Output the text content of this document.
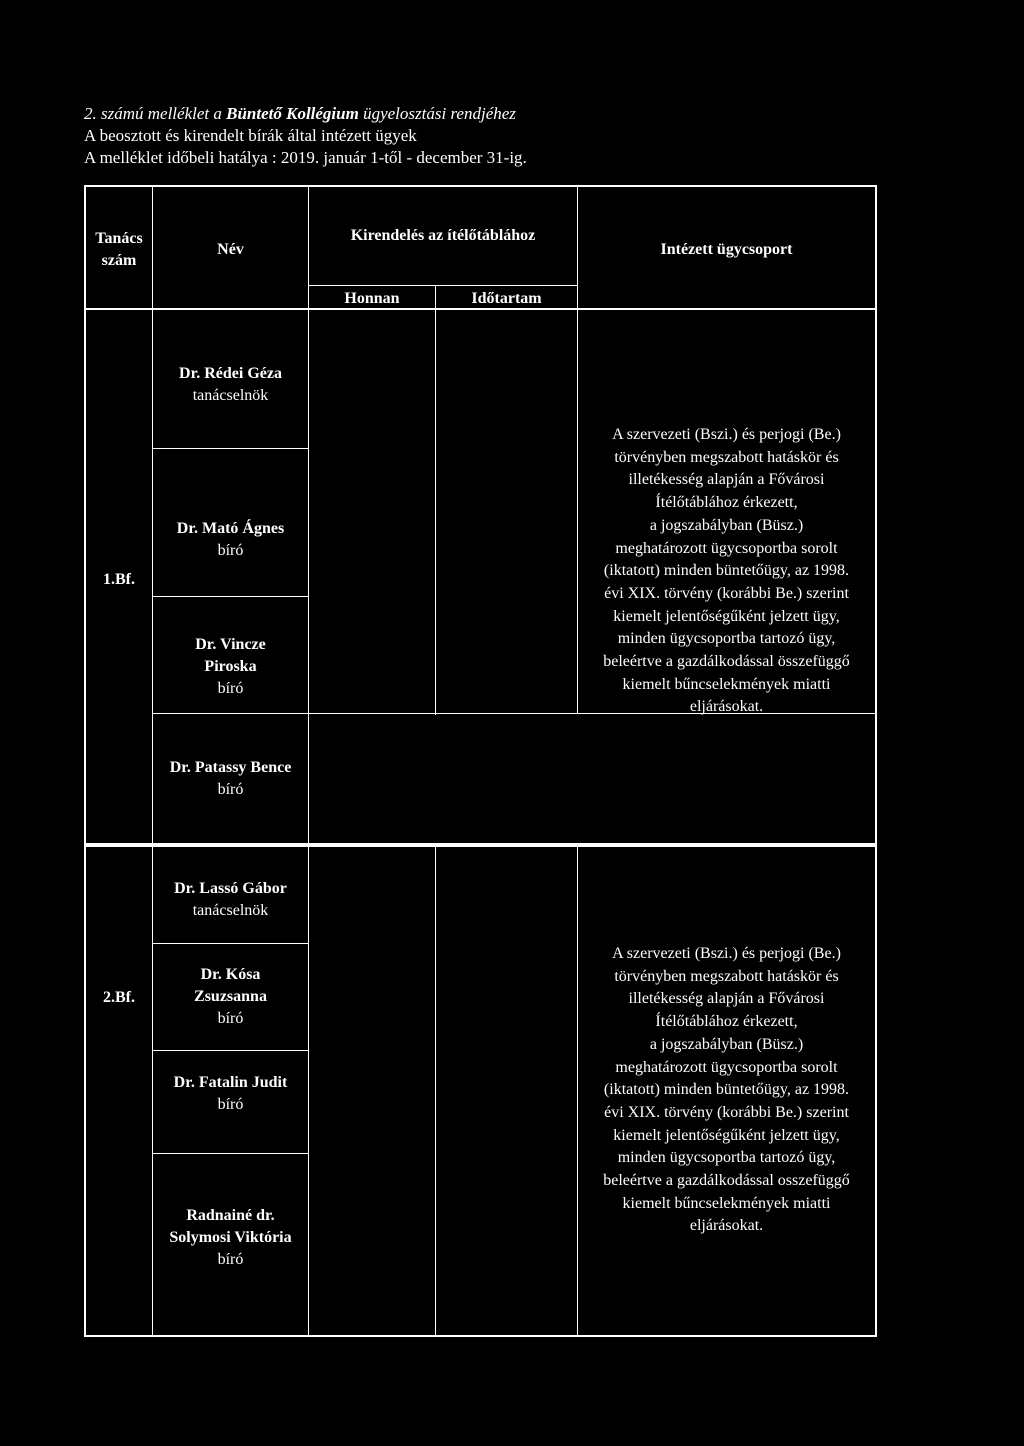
2. számú melléklet a Büntető Kollégium ügyelosztási rendjéhez
A beosztott és kirendelt bírák által intézett ügyek
A melléklet időbeli hatálya : 2019. január 1-től - december 31-ig.
Tanács
szám
Név
Kirendelés az ítélőtáblához
Honnan	Időtartam
Intézett ügycsoport
1.Bf.
Dr. Rédei Géza
tanácselnök
Dr. Mató Ágnes
bíró
Dr. Vincze
Piroska
bíró
Dr. Patassy Bence
bíró
A szervezeti (Bszi.) és perjogi (Be.)
törvényben megszabott hatáskör és
illetékesség alapján a Fővárosi
Ítélőtáblához érkezett,
a jogszabályban (Büsz.)
meghatározott ügycsoportba sorolt
(iktatott) minden büntetőügy, az 1998.
évi XIX. törvény (korábbi Be.) szerint
kiemelt jelentőségűként jelzett ügy,
minden ügycsoportba tartozó ügy,
beleértve a gazdálkodással összefüggő
kiemelt bűncselekmények miatti
eljárásokat.
2.Bf.
Dr. Lassó Gábor
tanácselnök
Dr. Kósa
Zsuzsanna
bíró
Dr. Fatalin Judit
bíró
Radnainé dr.
Solymosi Viktória
bíró
A szervezeti (Bszi.) és perjogi (Be.)
törvényben megszabott hatáskör és
illetékesség alapján a Fővárosi
Ítélőtáblához érkezett,
a jogszabályban (Büsz.)
meghatározott ügycsoportba sorolt
(iktatott) minden büntetőügy, az 1998.
évi XIX. törvény (korábbi Be.) szerint
kiemelt jelentőségűként jelzett ügy,
minden ügycsoportba tartozó ügy,
beleértve a gazdálkodással osszefüggő
kiemelt bűncselekmények miatti
eljárásokat.
